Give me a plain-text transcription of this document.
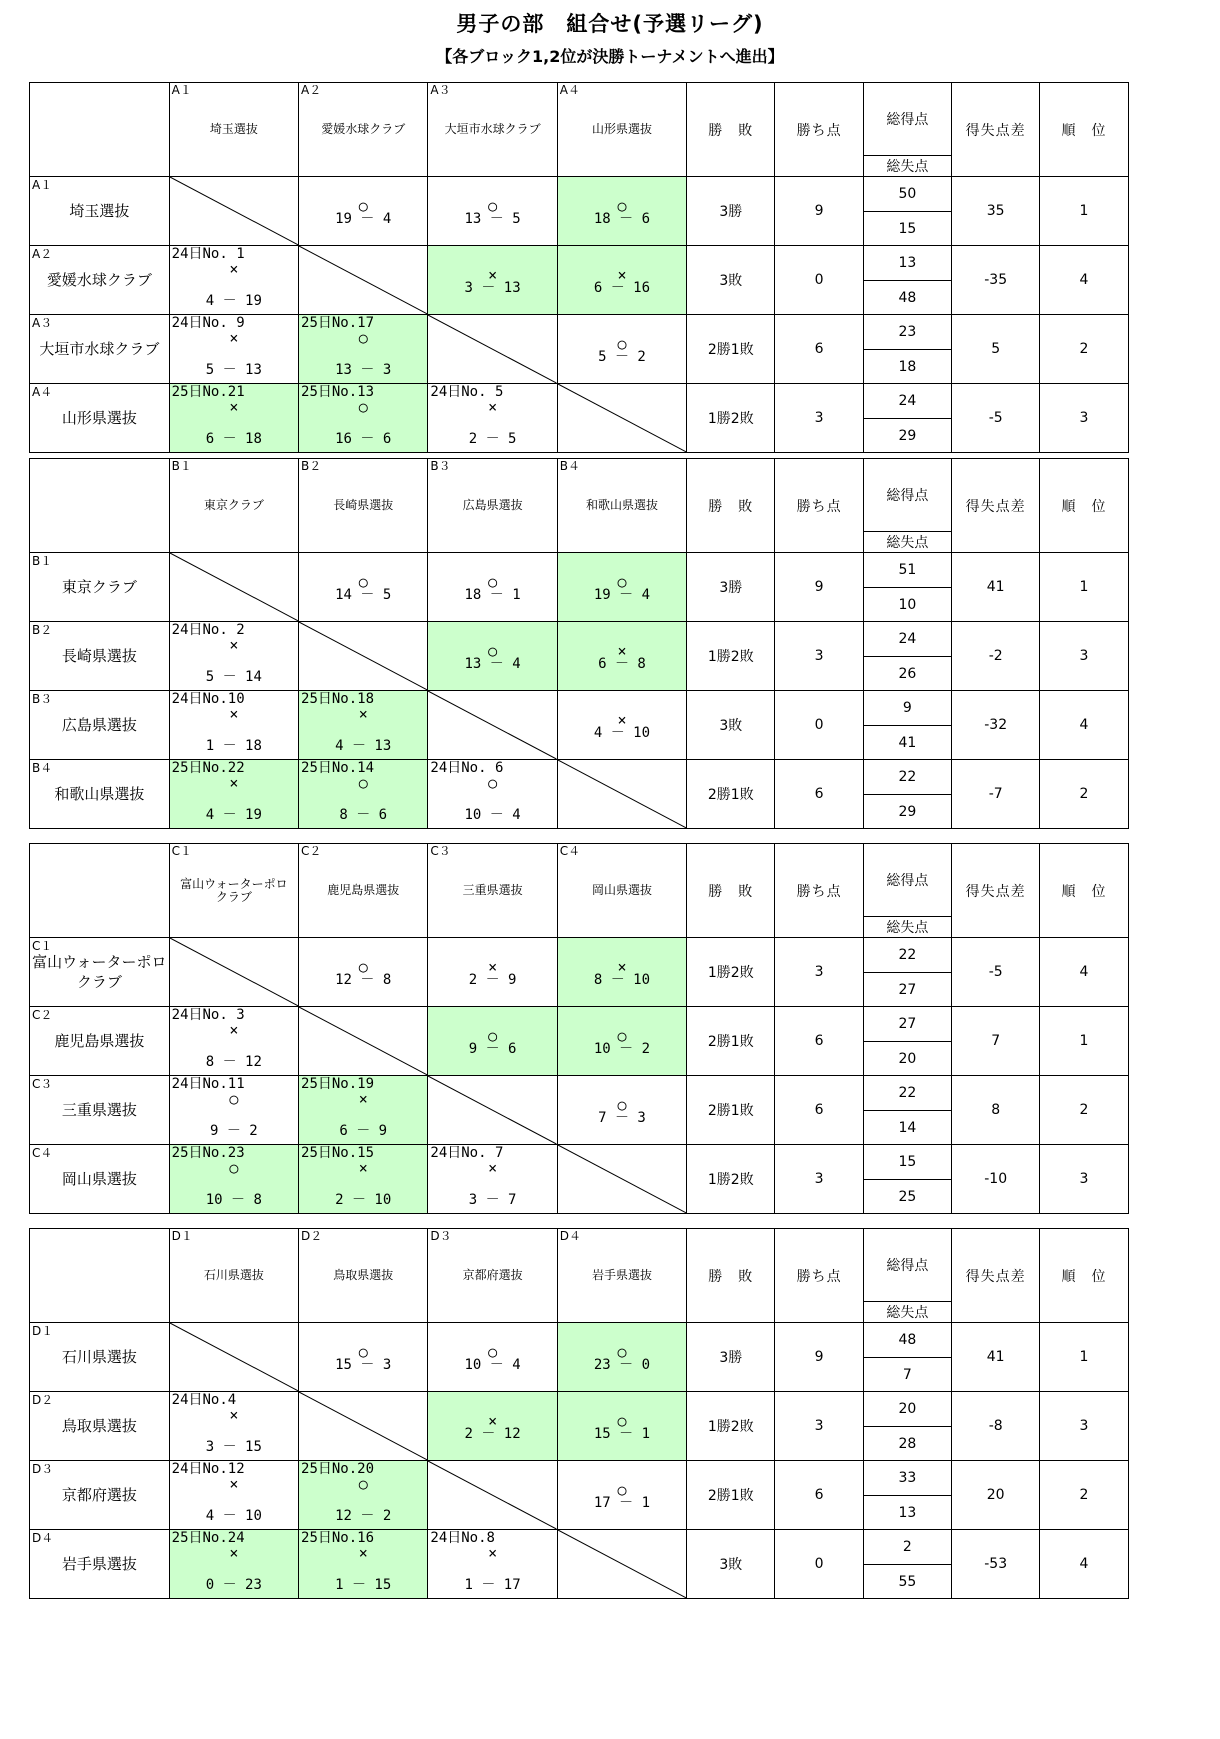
男子の部　組合せ(予選リーグ)
【各ブロック1,2位が決勝トーナメントへ進出】

	A１
埼玉選抜	A２
愛媛水球クラブ	A３
大垣市水球クラブ	A４
山形県選抜	勝　敗	勝ち点	総得点	得失点差	順　位
							総失点		

A１
埼玉選抜		○
19 － 4	○
13 － 5	○
18 － 6	3勝	9	50	35	1
							15		

A２
愛媛水球クラブ	24日No. 1
×
4 － 19		×
3 － 13	×
6 － 16	3敗	0	13	-35	4
							48		

A３
大垣市水球クラブ	24日No. 9
×
5 － 13	25日No.17
○
13 － 3		○
5 － 2	2勝1敗	6	23	5	2
							18		

A４
山形県選抜	25日No.21
×
6 － 18	25日No.13
○
16 － 6	24日No. 5
×
2 － 5		1勝2敗	3	24	-5	3
							29		

	B１
東京クラブ	B２
長崎県選抜	B３
広島県選抜	B４
和歌山県選抜	勝　敗	勝ち点	総得点	得失点差	順　位
							総失点		

B１
東京クラブ		○
14 － 5	○
18 － 1	○
19 － 4	3勝	9	51	41	1
							10		

B２
長崎県選抜	24日No. 2
×
5 － 14		○
13 － 4	×
6 － 8	1勝2敗	3	24	-2	3
							26		

B３
広島県選抜	24日No.10
×
1 － 18	25日No.18
×
4 － 13		×
4 － 10	3敗	0	9	-32	4
							41		

B４
和歌山県選抜	25日No.22
×
4 － 19	25日No.14
○
8 － 6	24日No. 6
○
10 － 4		2勝1敗	6	22	-7	2
							29		

	C１
富山ウォーターポロクラブ	C２
鹿児島県選抜	C３
三重県選抜	C４
岡山県選抜	勝　敗	勝ち点	総得点	得失点差	順　位
							総失点		

C１
富山ウォーターポロクラブ		○
12 － 8	×
2 － 9	×
8 － 10	1勝2敗	3	22	-5	4
							27		

C２
鹿児島県選抜	24日No. 3
×
8 － 12		○
9 － 6	○
10 － 2	2勝1敗	6	27	7	1
							20		

C３
三重県選抜	24日No.11
○
9 － 2	25日No.19
×
6 － 9		○
7 － 3	2勝1敗	6	22	8	2
							14		

C４
岡山県選抜	25日No.23
○
10 － 8	25日No.15
×
2 － 10	24日No. 7
×
3 － 7		1勝2敗	3	15	-10	3
							25		

	D１
石川県選抜	D２
鳥取県選抜	D３
京都府選抜	D４
岩手県選抜	勝　敗	勝ち点	総得点	得失点差	順　位
							総失点		

D１
石川県選抜		○
15 － 3	○
10 － 4	○
23 － 0	3勝	9	48	41	1
							7		

D２
鳥取県選抜	24日No.4
×
3 － 15		×
2 － 12	○
15 － 1	1勝2敗	3	20	-8	3
							28		

D３
京都府選抜	24日No.12
×
4 － 10	25日No.20
○
12 － 2		○
17 － 1	2勝1敗	6	33	20	2
							13		

D４
岩手県選抜	25日No.24
×
0 － 23	25日No.16
×
1 － 15	24日No.8
×
1 － 17		3敗	0	2	-53	4
							55		
